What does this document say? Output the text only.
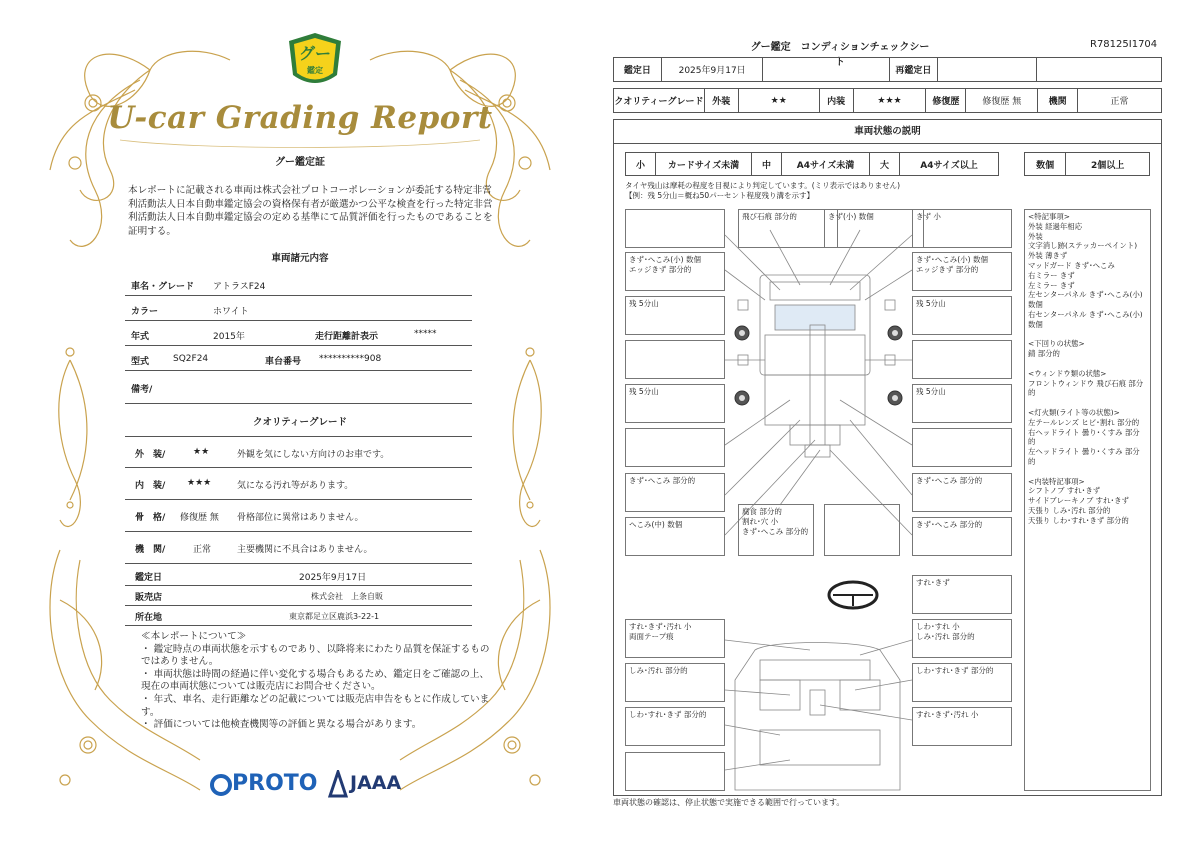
グー
鑑定
U-car Grading Report
グー鑑定証
本レポートに記載される車両は株式会社プロトコーポレーションが委託する特定非営利活動法人日本自動車鑑定協会の資格保有者が厳選かつ公平な検査を行った特定非営利活動法人日本自動車鑑定協会の定める基準にて品質評価を行ったものであることを証明する。
車両諸元内容
車名・グレード アトラスF24
カラー	ホワイト
年式	2015年	走行距離計表示	*****
型式	SQ2F24	車台番号 **********908
備考/
クオリティーグレード
外　装/	★★	外観を気にしない方向けのお車です。
内　装/ ★★★	気になる汚れ等があります。
骨　格/ 修復歴 無 骨格部位に異常はありません。
機　関/	正常	主要機関に不具合はありません。
鑑定日	2025年9月17日
販売店	株式会社　上条自販
所在地	東京都足立区鹿浜3-22-1
≪本レポートについて≫
・ 鑑定時点の車両状態を示すものであり、以降将来にわたり品質を保証するものではありません。
・ 車両状態は時間の経過に伴い変化する場合もあるため、鑑定日をご確認の上、現在の車両状態については販売店にお問合せください。
・ 年式、車名、走行距離などの記載については販売店申告をもとに作成しています。
・ 評価については他検査機関等の評価と異なる場合があります。
PROTO JAAA
グー鑑定　コンディションチェックシート
R78125I1704
鑑定日	2025年9月17日	再鑑定日
クオリティーグレード 外装	★★	内装	★★★	修復歴	修復歴 無	機関	正常
車両状態の説明
小	カードサイズ未満	中	A4サイズ未満	大	A4サイズ以上	数個	2個以上
タイヤ残山は摩耗の程度を目視により判定しています。(ミリ表示ではありません)
【例：残 5分山＝概ね50パーセント程度残り溝を示す】
飛び石痕 部分的	きず(小) 数個	きず 小
きず･へこみ(小) 数個
エッジきず 部分的
きず･へこみ(小) 数個
エッジきず 部分的
残 5分山	残 5分山
残 5分山	残 5分山
きず･へこみ 部分的	きず･へこみ 部分的
へこみ(中) 数個
腐食 部分的
割れ･穴 小
きず･へこみ 部分的
きず･へこみ 部分的
すれ･きず
すれ･きず･汚れ 小
両面テープ痕
しわ･すれ 小
しみ･汚れ 部分的
しみ･汚れ 部分的	しわ･すれ･きず 部分的
しわ･すれ･きず 部分的	すれ･きず･汚れ 小
<特記事項>
外装 経過年相応
外装
文字消し跡(ステッカーペイント)
外装 薄きず
マッドガード きず･へこみ
右ミラー きず
左ミラー きず
左センターパネル きず･へこみ(小) 数個
右センターパネル きず･へこみ(小) 数個

<下回りの状態>
錆 部分的

<ウィンドウ類の状態>
フロントウィンドウ 飛び石痕 部分的

<灯火類(ライト等の状態)>
左テールレンズ ヒビ･割れ 部分的
右ヘッドライト 曇り･くすみ 部分的
左ヘッドライト 曇り･くすみ 部分的

<内装特記事項>
シフトノブ すれ･きず
サイドブレーキノブ すれ･きず
天張り しみ･汚れ 部分的
天張り しわ･すれ･きず 部分的
車両状態の確認は、停止状態で実施できる範囲で行っています。
